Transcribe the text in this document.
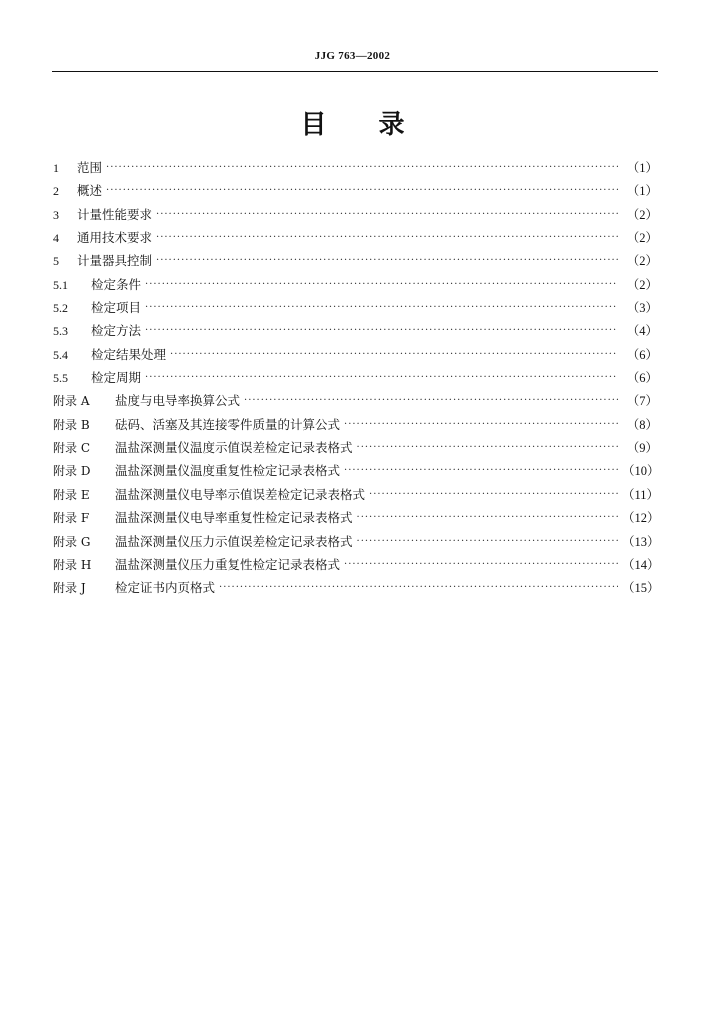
JJG 763—2002
目 录
1	范围 ·····	（1）
2	概述 ·····	（1）
3	计量性能要求 ·····	（2）
4	通用技术要求 ·····	（2）
5	计量器具控制 ·····	（2）
5.1	检定条件 ·····	（2）
5.2	检定项目 ·····	（3）
5.3	检定方法 ·····	（4）
5.4	检定结果处理 ·····	（6）
5.5	检定周期 ·····	（6）
附录 A	盐度与电导率换算公式 ·····	（7）
附录 B	砝码、活塞及其连接零件质量的计算公式 ·····	（8）
附录 C	温盐深测量仪温度示值误差检定记录表格式 ·····	（9）
附录 D	温盐深测量仪温度重复性检定记录表格式 ·····	（10）
附录 E	温盐深测量仪电导率示值误差检定记录表格式 ·····	（11）
附录 F	温盐深测量仪电导率重复性检定记录表格式 ·····	（12）
附录 G	温盐深测量仪压力示值误差检定记录表格式 ·····	（13）
附录 H	温盐深测量仪压力重复性检定记录表格式 ·····	（14）
附录 J	检定证书内页格式 ·····	（15）
